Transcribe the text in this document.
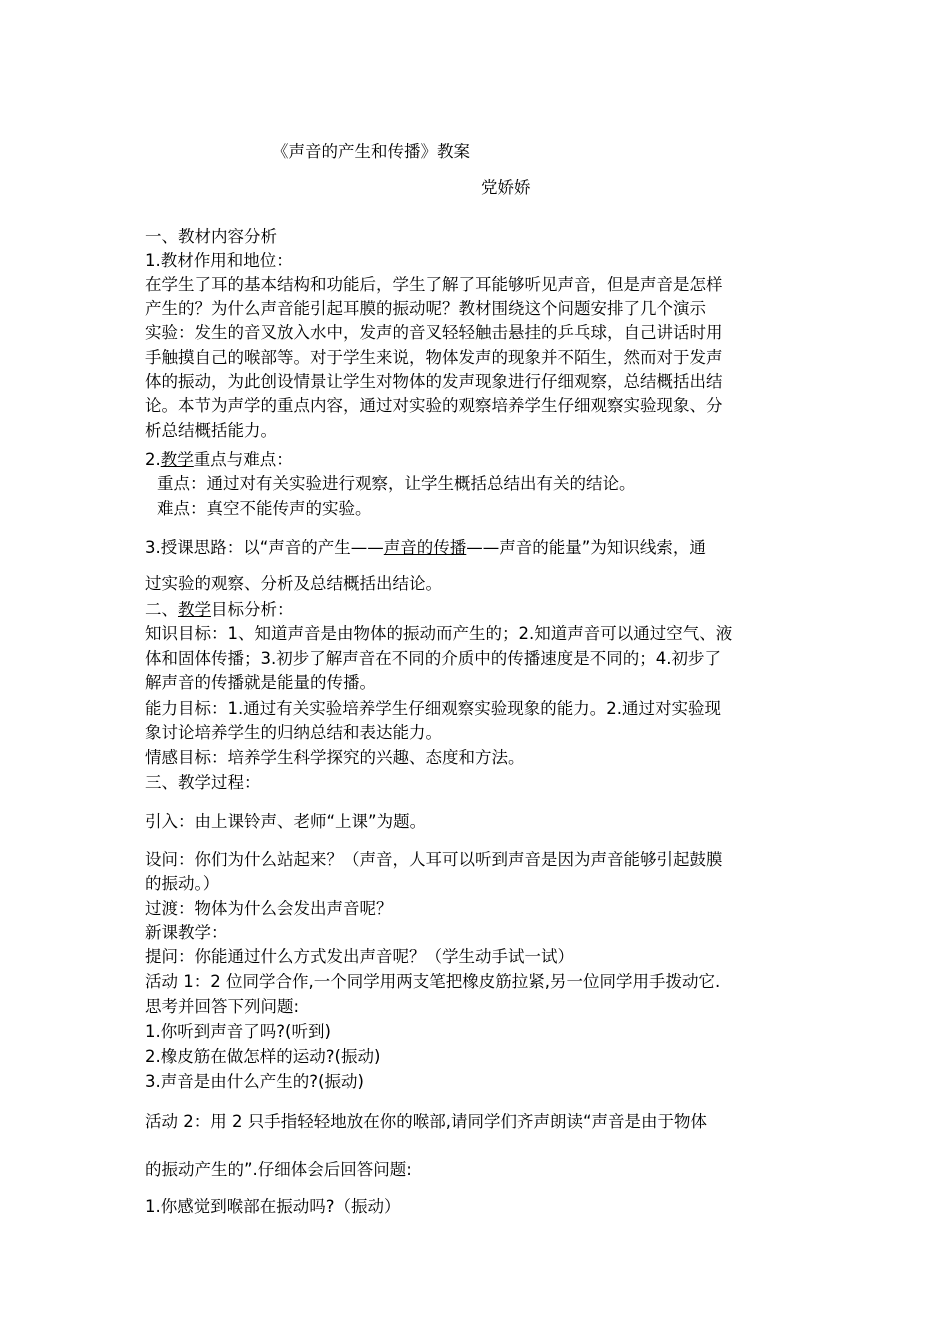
《声音的产生和传播》教案
党娇娇
一、教材内容分析
1.教材作用和地位：
在学生了耳的基本结构和功能后，学生了解了耳能够听见声音，但是声音是怎样
产生的？为什么声音能引起耳膜的振动呢？教材围绕这个问题安排了几个演示
实验：发生的音叉放入水中，发声的音叉轻轻触击悬挂的乒乓球，自己讲话时用
手触摸自己的喉部等。对于学生来说，物体发声的现象并不陌生，然而对于发声
体的振动，为此创设情景让学生对物体的发声现象进行仔细观察，总结概括出结
论。本节为声学的重点内容，通过对实验的观察培养学生仔细观察实验现象、分
析总结概括能力。
2.教学重点与难点：
重点：通过对有关实验进行观察，让学生概括总结出有关的结论。
难点：真空不能传声的实验。
3.授课思路：以“声音的产生——声音的传播——声音的能量”为知识线索，通
过实验的观察、分析及总结概括出结论。
二、教学目标分析：
知识目标：1、知道声音是由物体的振动而产生的；2.知道声音可以通过空气、液
体和固体传播；3.初步了解声音在不同的介质中的传播速度是不同的；4.初步了
解声音的传播就是能量的传播。
能力目标：1.通过有关实验培养学生仔细观察实验现象的能力。2.通过对实验现
象讨论培养学生的归纳总结和表达能力。
情感目标：培养学生科学探究的兴趣、态度和方法。
三、教学过程：
引入：由上课铃声、老师“上课”为题。
设问：你们为什么站起来？（声音，人耳可以听到声音是因为声音能够引起鼓膜
的振动。）
过渡：物体为什么会发出声音呢？
新课教学：
提问：你能通过什么方式发出声音呢？（学生动手试一试）
活动 1：2 位同学合作,一个同学用两支笔把橡皮筋拉紧,另一位同学用手拨动它.
思考并回答下列问题:
1.你听到声音了吗?(听到)
2.橡皮筋在做怎样的运动?(振动)
3.声音是由什么产生的?(振动)
活动 2：用 2 只手指轻轻地放在你的喉部,请同学们齐声朗读“声音是由于物体
的振动产生的”.仔细体会后回答问题:
1.你感觉到喉部在振动吗?（振动）
